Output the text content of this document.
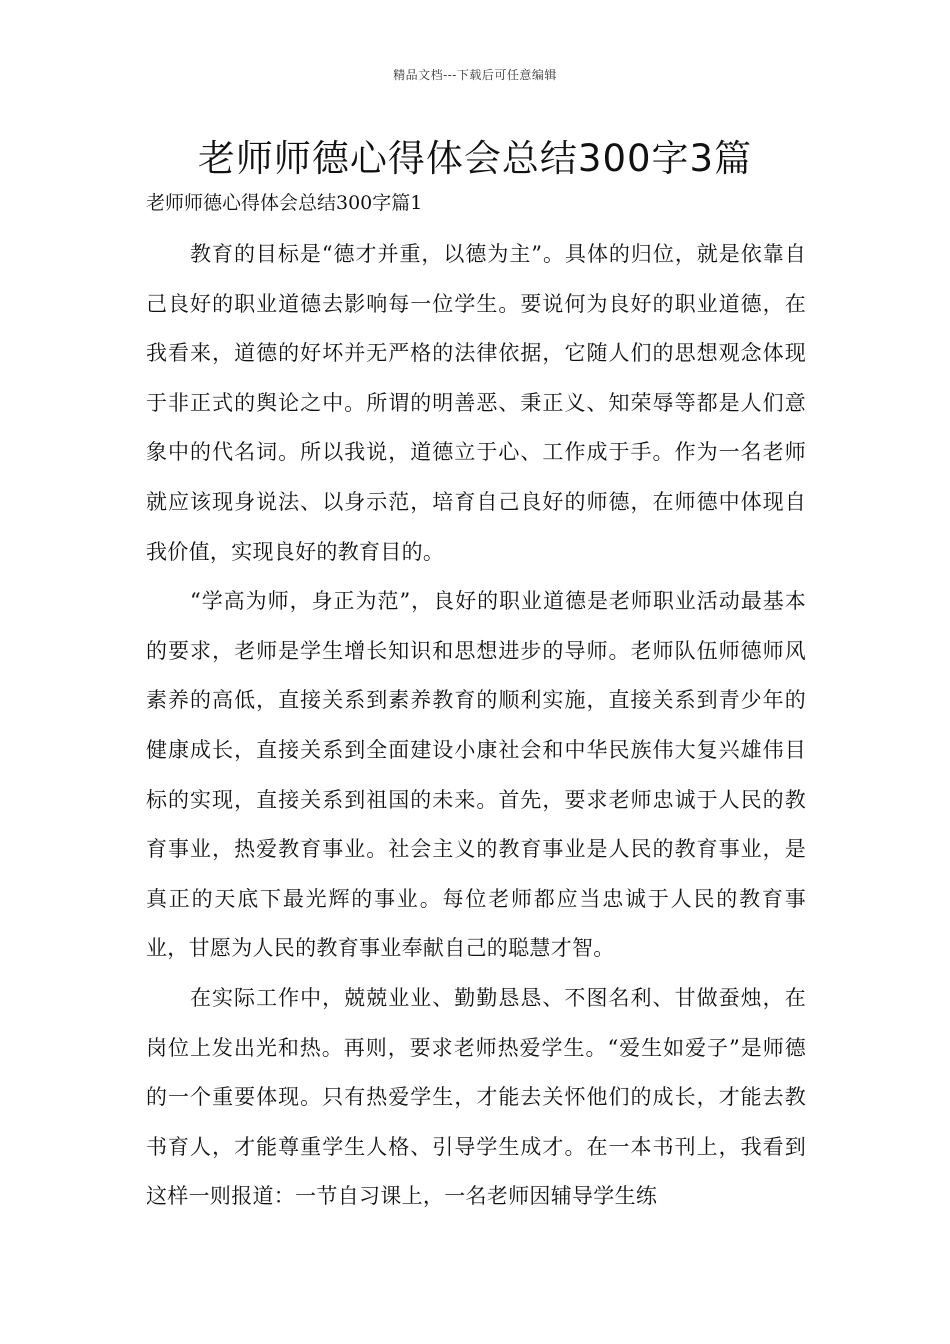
精品文档---下载后可任意编辑
老师师德心得体会总结300字3篇
老师师德心得体会总结300字篇1

教育的目标是“德才并重，以德为主”。具体的归位，就是依靠自己良好的职业道德去影响每一位学生。要说何为良好的职业道德，在我看来，道德的好坏并无严格的法律依据，它随人们的思想观念体现于非正式的舆论之中。所谓的明善恶、秉正义、知荣辱等都是人们意象中的代名词。所以我说，道德立于心、工作成于手。作为一名老师就应该现身说法、以身示范，培育自己良好的师德，在师德中体现自我价值，实现良好的教育目的。

“学高为师，身正为范”，良好的职业道德是老师职业活动最基本的要求，老师是学生增长知识和思想进步的导师。老师队伍师德师风素养的高低，直接关系到素养教育的顺利实施，直接关系到青少年的健康成长，直接关系到全面建设小康社会和中华民族伟大复兴雄伟目标的实现，直接关系到祖国的未来。首先，要求老师忠诚于人民的教育事业，热爱教育事业。社会主义的教育事业是人民的教育事业，是真正的天底下最光辉的事业。每位老师都应当忠诚于人民的教育事业，甘愿为人民的教育事业奉献自己的聪慧才智。

在实际工作中，兢兢业业、勤勤恳恳、不图名利、甘做蚕烛，在岗位上发出光和热。再则，要求老师热爱学生。“爱生如爱子”是师德的一个重要体现。只有热爱学生，才能去关怀他们的成长，才能去教书育人，才能尊重学生人格、引导学生成才。在一本书刊上，我看到这样一则报道：一节自习课上，一名老师因辅导学生练
